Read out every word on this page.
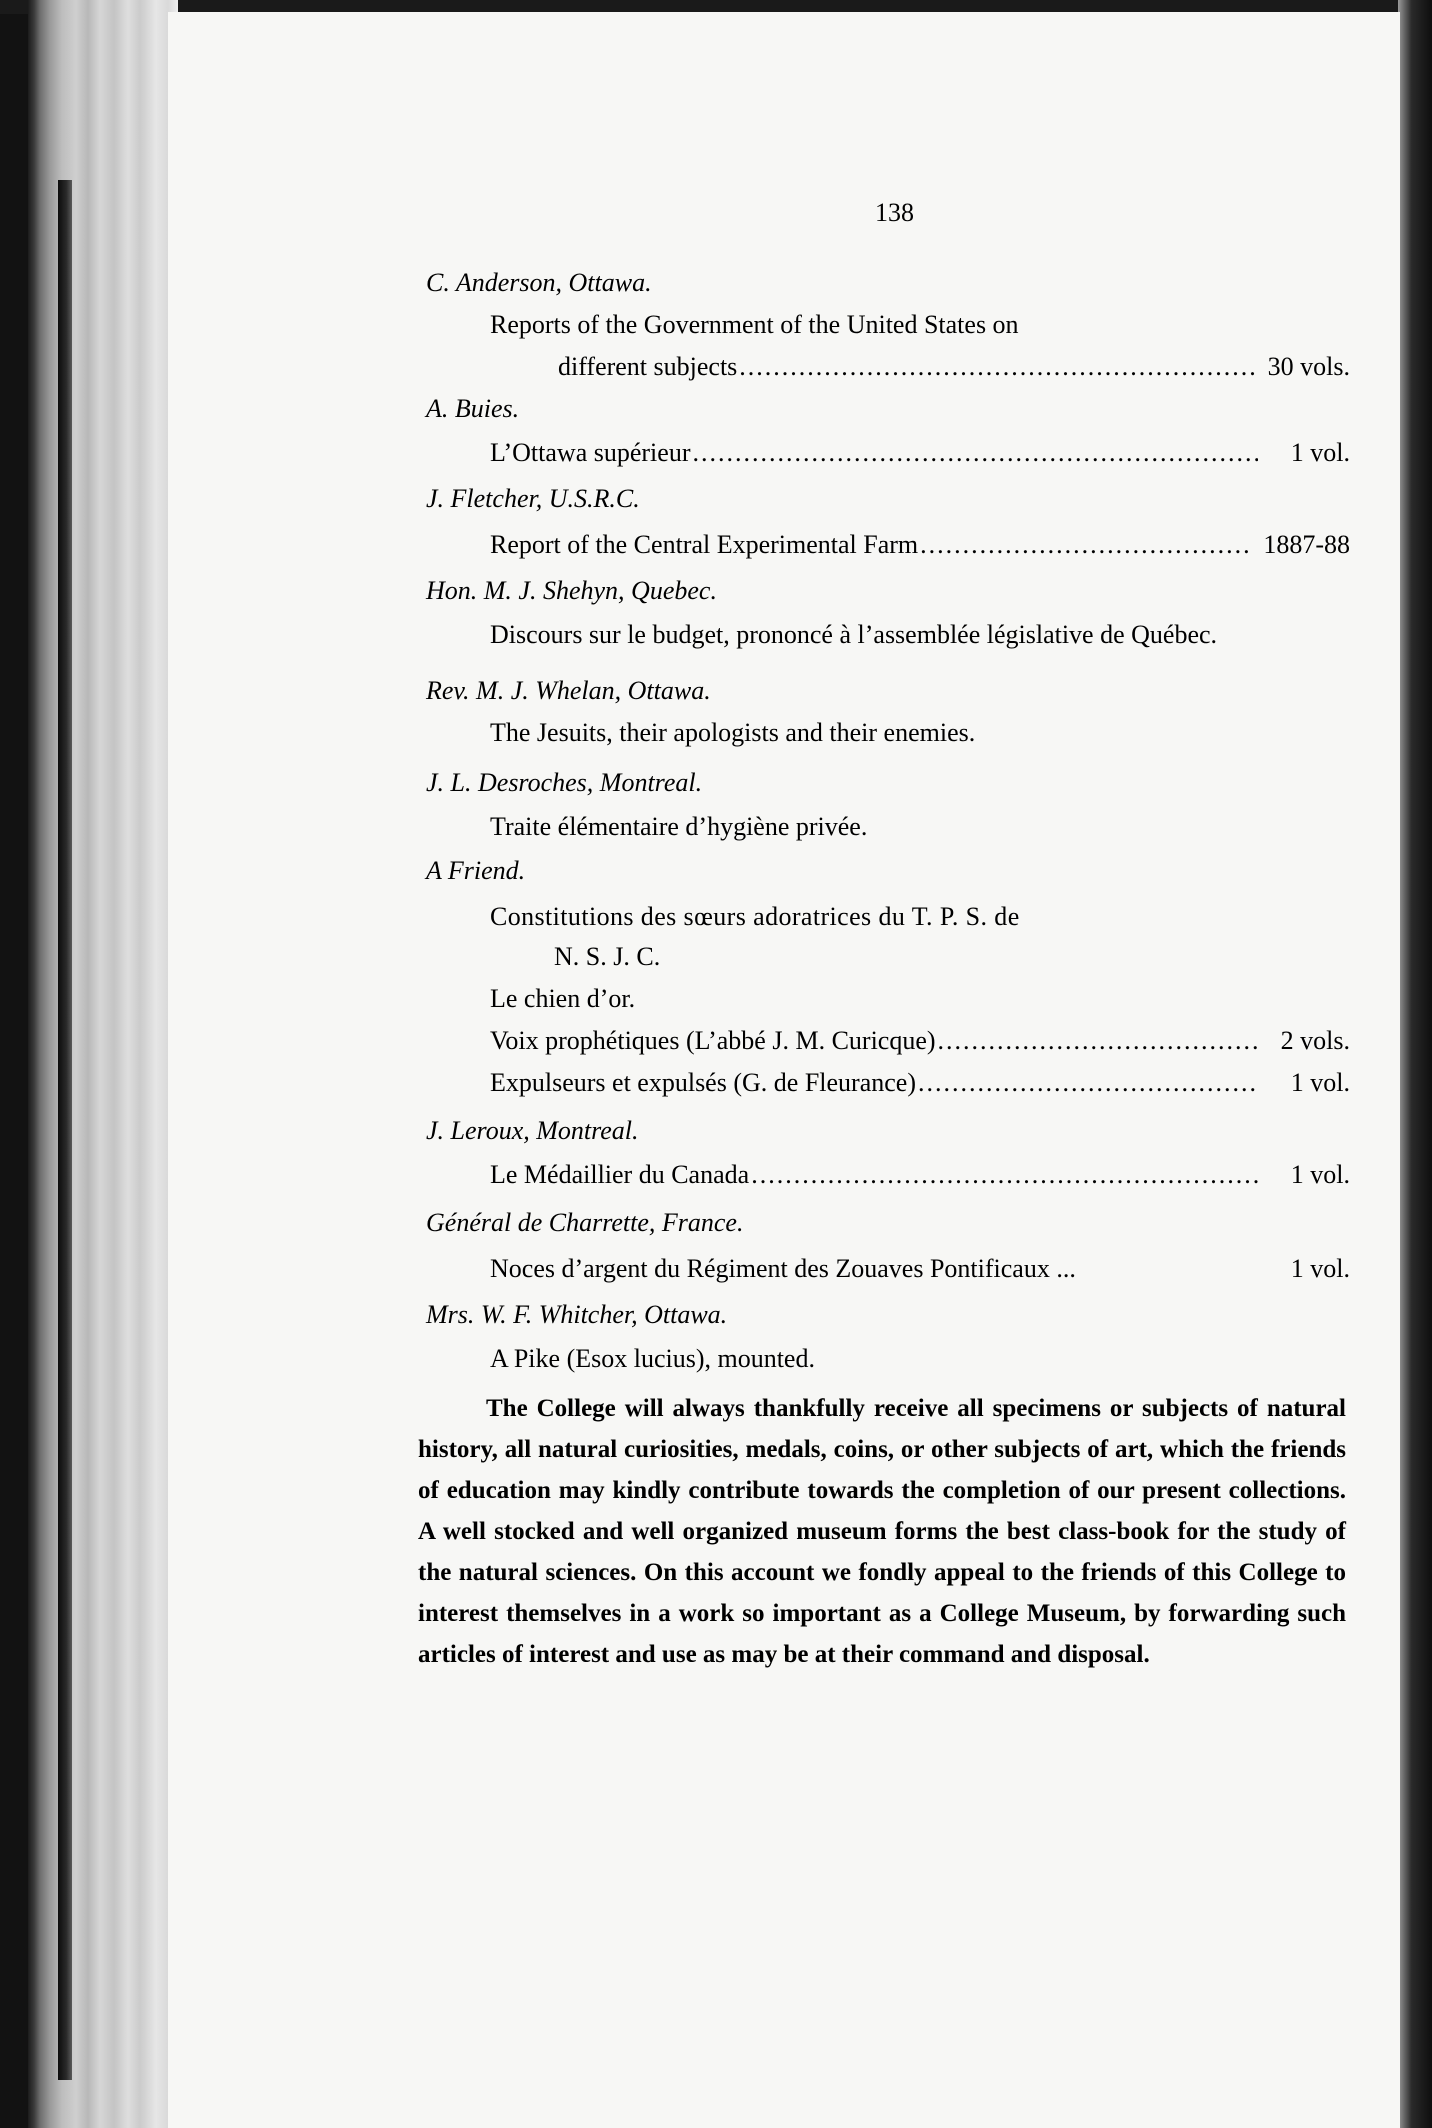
138
C. Anderson, Ottawa.
Reports of the Government of the United States on
different subjects .....	30 vols.
A. Buies.
L’Ottawa supérieur .....	1 vol.
J. Fletcher, U.S.R.C.
Report of the Central Experimental Farm .....	1887-88
Hon. M. J. Shehyn, Quebec.
Discours sur le budget, prononcé à l’assemblée législative de Québec.
Rev. M. J. Whelan, Ottawa.
The Jesuits, their apologists and their enemies.
J. L. Desroches, Montreal.
Traite élémentaire d’hygiène privée.
A Friend.
Constitutions des sœurs adoratrices du T. P. S. de
N. S. J. C.
Le chien d’or.
Voix prophétiques (L’abbé J. M. Curicque) .....	2 vols.
Expulseurs et expulsés (G. de Fleurance) .....	1 vol.
J. Leroux, Montreal.
Le Médaillier du Canada .....	1 vol.
Général de Charrette, France.
Noces d’argent du Régiment des Zouaves Pontificaux ...	1 vol.
Mrs. W. F. Whitcher, Ottawa.
A Pike (Esox lucius), mounted.
The College will always thankfully receive all specimens or subjects of natural history, all natural curiosities, medals, coins, or other subjects of art, which the friends of education may kindly contribute towards the completion of our present collections. A well stocked and well organized museum forms the best class-book for the study of the natural sciences. On this account we fondly appeal to the friends of this College to interest themselves in a work so important as a College Museum, by forwarding such articles of interest and use as may be at their command and disposal.
